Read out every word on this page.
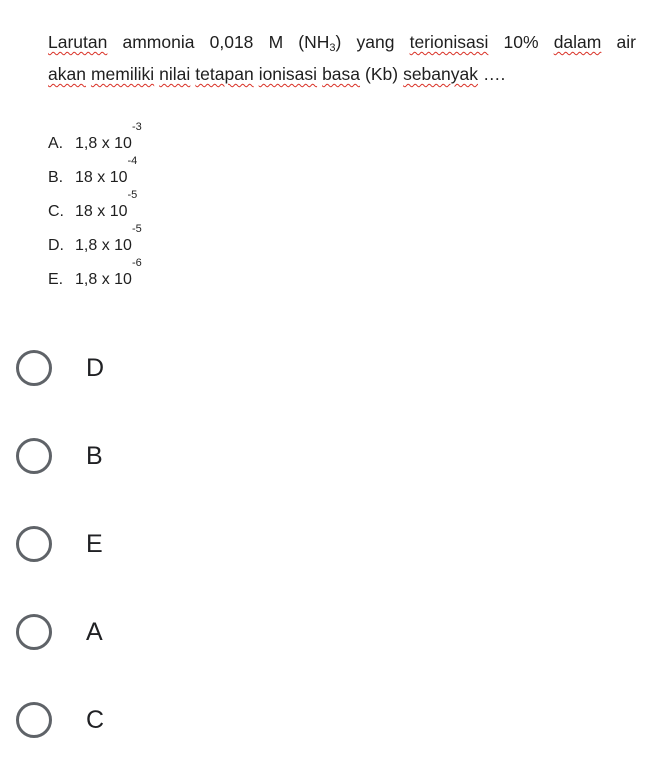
Larutan ammonia 0,018 M $(NH_3)$ yang terionisasi 10% dalam air
akan memiliki nilai tetapan ionisasi basa (Kb) sebanyak ….
A. 1,8 x 10
-3
B. 18 x 10
-4
C. 18 x 10
-5
D. 1,8 x 10
-5
E. 1,8 x 10
-6
D
B
E
A
C
